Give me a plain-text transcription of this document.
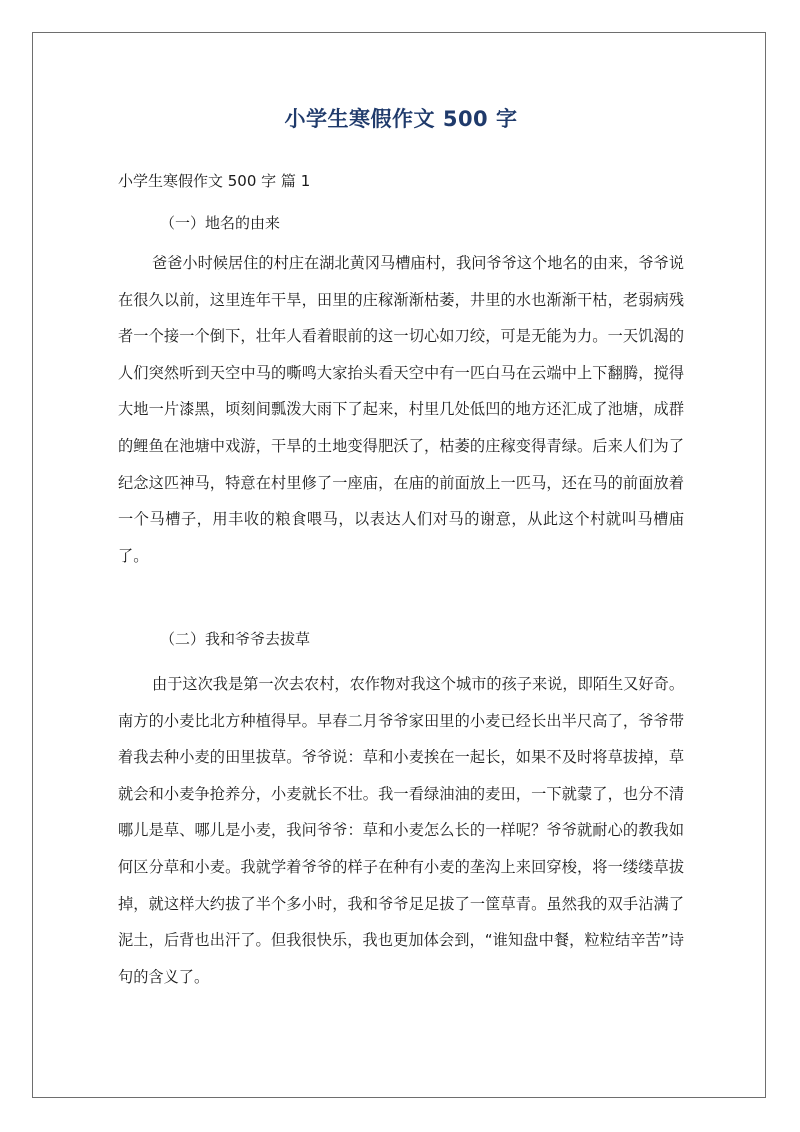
小学生寒假作文 500 字

小学生寒假作文 500 字 篇 1

（一）地名的由来

爸爸小时候居住的村庄在湖北黄冈马槽庙村，我问爷爷这个地名的由来，爷爷说 在很久以前，这里连年干旱，田里的庄稼渐渐枯萎，井里的水也渐渐干枯，老弱病残者一个接一个倒下，壮年人看着眼前的这一切心如刀绞，可是无能为力。一天饥渴的人们突然听到天空中马的嘶鸣大家抬头看天空中有一匹白马在云端中上下翻腾，搅得大地一片漆黑，顷刻间瓢泼大雨下了起来，村里几处低凹的地方还汇成了池塘，成群的鲤鱼在池塘中戏游，干旱的土地变得肥沃了，枯萎的庄稼变得青绿。后来人们为了纪念这匹神马，特意在村里修了一座庙，在庙的前面放上一匹马，还在马的前面放着一个马槽子，用丰收的粮食喂马，以表达人们对马的谢意，从此这个村就叫马槽庙了。

（二）我和爷爷去拔草

由于这次我是第一次去农村，农作物对我这个城市的孩子来说，即陌生又好奇。南方的小麦比北方种植得早。早春二月爷爷家田里的小麦已经长出半尺高了，爷爷带着我去种小麦的田里拔草。爷爷说：草和小麦挨在一起长，如果不及时将草拔掉，草就会和小麦争抢养分，小麦就长不壮。我一看绿油油的麦田，一下就蒙了，也分不清哪儿是草、哪儿是小麦，我问爷爷：草和小麦怎么长的一样呢？爷爷就耐心的教我如何区分草和小麦。我就学着爷爷的样子在种有小麦的垄沟上来回穿梭，将一缕缕草拔掉，就这样大约拔了半个多小时，我和爷爷足足拔了一筐草青。虽然我的双手沾满了泥土，后背也出汗了。但我很快乐，我也更加体会到，“谁知盘中餐，粒粒结辛苦”诗句的含义了。
